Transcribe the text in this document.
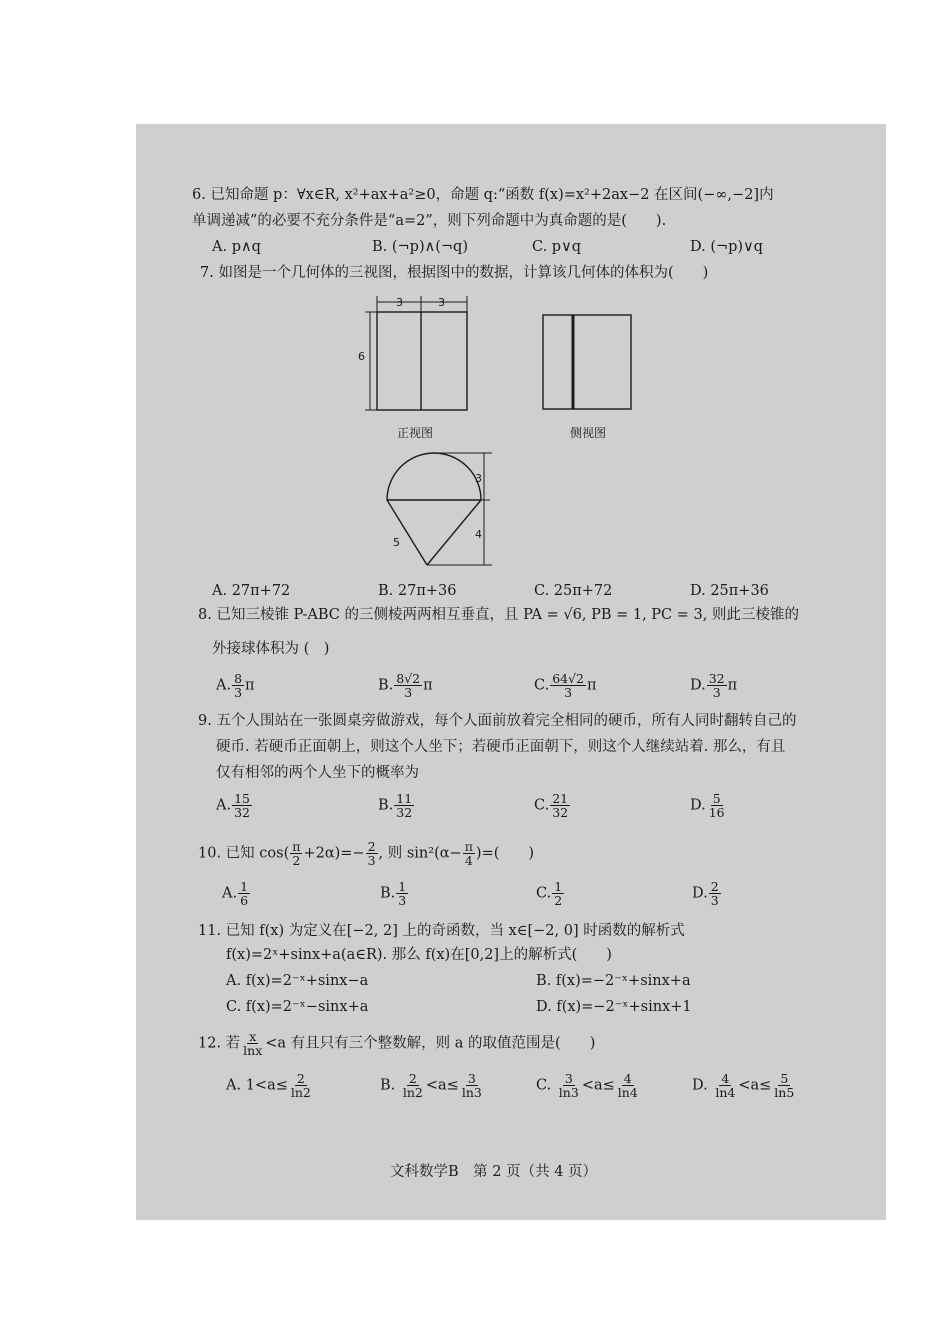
6. 已知命题 p：∀x∈R, x²+ax+a²≥0，命题 q:“函数 f(x)=x²+2ax−2 在区间(−∞,−2]内
单调递减”的必要不充分条件是“a=2”，则下列命题中为真命题的是(　　).
A. p∧q	B. (¬p)∧(¬q)	C. p∨q	D. (¬p)∨q
7. 如图是一个几何体的三视图，根据图中的数据，计算该几何体的体积为(　　)
3	3
6
3
4
5
正视图	侧视图
A. 27π+72	B. 27π+36	C. 25π+72	D. 25π+36
8. 已知三棱锥 P-ABC 的三侧棱两两相互垂直，且 PA = √6, PB = 1, PC = 3, 则此三棱锥的
外接球体积为 (　)
A. $\frac{8}{3}$ π	B. $\frac{8√2}{3}$ π	C. $\frac{64√2}{3}$ π	D. $\frac{32}{3}$ π
9. 五个人围站在一张圆桌旁做游戏，每个人面前放着完全相同的硬币，所有人同时翻转自己的
硬币. 若硬币正面朝上，则这个人坐下；若硬币正面朝下，则这个人继续站着. 那么，有且
仅有相邻的两个人坐下的概率为
A. $\frac{15}{32}$	B. $\frac{11}{32}$	C. $\frac{21}{32}$	D. $\frac{5}{16}$
10. 已知 $\cos( \frac{\pi}{2} +2\alpha)=- \frac{2}{3}$ , 则 $\sin^2(\alpha- \frac{\pi}{4}$ )=(　　)
A. $\frac{1}{6}$	B. $\frac{1}{3}$	C. $\frac{1}{2}$	D. $\frac{2}{3}$
11. 已知 f(x) 为定义在[−2, 2] 上的奇函数，当 x∈[−2, 0] 时函数的解析式
f(x)=2ˣ+sinx+a(a∈R). 那么 f(x)在[0,2]上的解析式(　　)
A. f(x)=2⁻ˣ+sinx−a	B. f(x)=−2⁻ˣ+sinx+a
C. f(x)=2⁻ˣ−sinx+a	D. f(x)=−2⁻ˣ+sinx+1
12. 若 $\frac{x}{\ln x} <a$ 有且只有三个整数解，则 a 的取值范围是(　　)
A. $1<a\le \frac{2}{\ln 2}$	B. $\frac{2}{\ln 2} <a\le \frac{3}{\ln 3}$	C. $\frac{3}{\ln 3} <a\le \frac{4}{\ln 4}$	D. $\frac{4}{\ln 4} <a\le \frac{5}{\ln 5}$
文科数学B　第 2 页（共 4 页）
